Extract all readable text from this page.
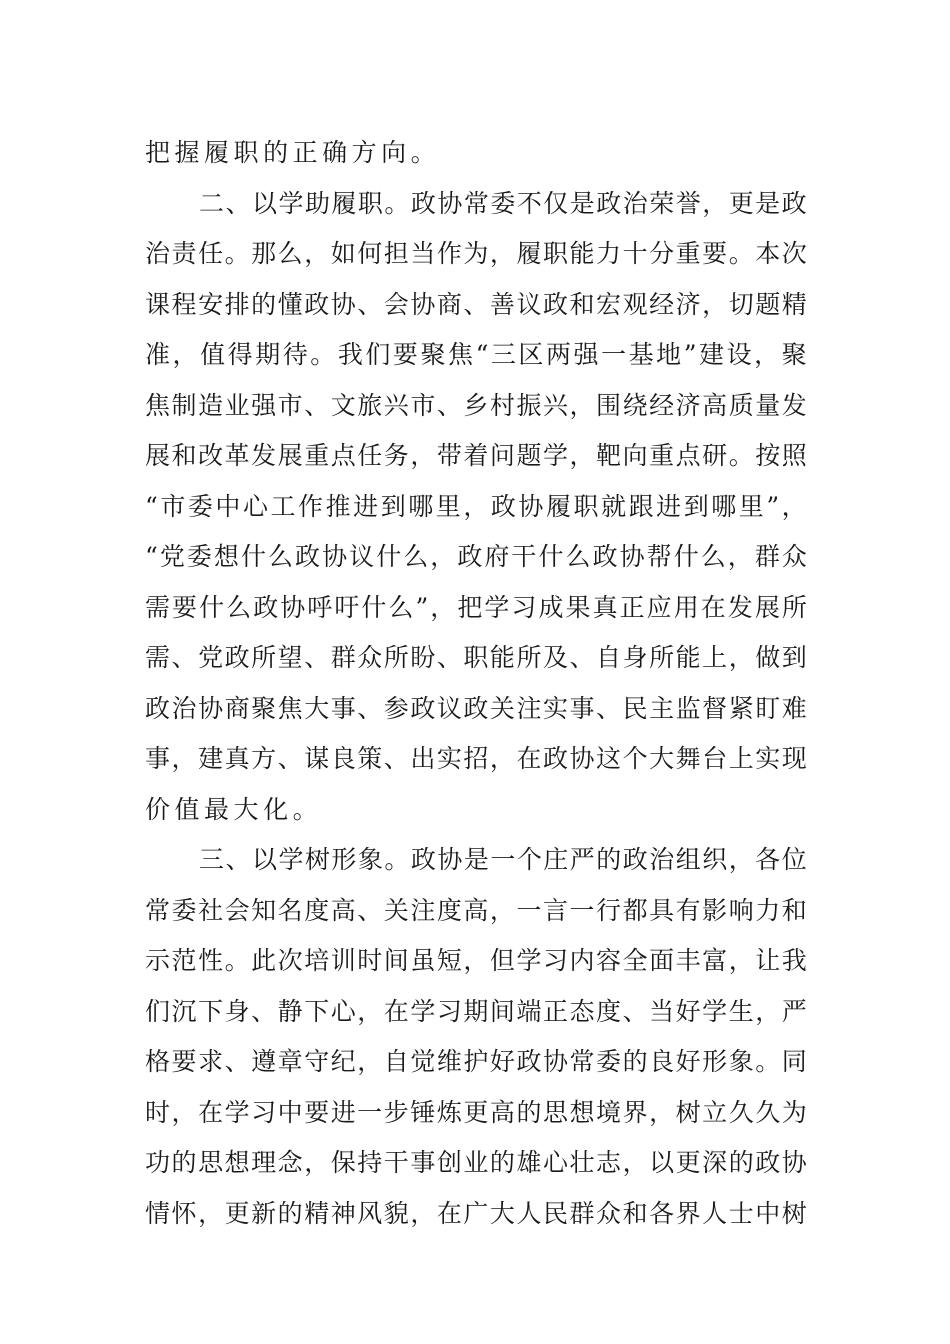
把 握 履 职 的 正 确 方 向 。
二 、 以 学 助 履 职 。 政 协 常 委 不 仅 是 政 治 荣 誉 ， 更 是 政
治 责 任 。 那 么 ， 如 何 担 当 作 为 ， 履 职 能 力 十 分 重 要 。 本 次
课 程 安 排 的 懂 政 协 、 会 协 商 、 善 议 政 和 宏 观 经 济 ， 切 题 精
准 ， 值 得 期 待 。 我 们 要 聚 焦 “ 三 区 两 强 一 基 地 ” 建 设 ， 聚
焦 制 造 业 强 市 、 文 旅 兴 市 、 乡 村 振 兴 ， 围 绕 经 济 高 质 量 发
展 和 改 革 发 展 重 点 任 务 ， 带 着 问 题 学 ， 靶 向 重 点 研 。 按 照
“ 市 委 中 心 工 作 推 进 到 哪 里 ， 政 协 履 职 就 跟 进 到 哪 里 ” ，
“ 党 委 想 什 么 政 协 议 什 么 ， 政 府 干 什 么 政 协 帮 什 么 ， 群 众
需 要 什 么 政 协 呼 吁 什 么 ” ， 把 学 习 成 果 真 正 应 用 在 发 展 所
需 、 党 政 所 望 、 群 众 所 盼 、 职 能 所 及 、 自 身 所 能 上 ， 做 到
政 治 协 商 聚 焦 大 事 、 参 政 议 政 关 注 实 事 、 民 主 监 督 紧 盯 难
事 ， 建 真 方 、 谋 良 策 、 出 实 招 ， 在 政 协 这 个 大 舞 台 上 实 现
价 值 最 大 化 。
三 、 以 学 树 形 象 。 政 协 是 一 个 庄 严 的 政 治 组 织 ， 各 位
常 委 社 会 知 名 度 高 、 关 注 度 高 ， 一 言 一 行 都 具 有 影 响 力 和
示 范 性 。 此 次 培 训 时 间 虽 短 ， 但 学 习 内 容 全 面 丰 富 ， 让 我
们 沉 下 身 、 静 下 心 ， 在 学 习 期 间 端 正 态 度 、 当 好 学 生 ， 严
格 要 求 、 遵 章 守 纪 ， 自 觉 维 护 好 政 协 常 委 的 良 好 形 象 。 同
时 ， 在 学 习 中 要 进 一 步 锤 炼 更 高 的 思 想 境 界 ， 树 立 久 久 为
功 的 思 想 理 念 ， 保 持 干 事 创 业 的 雄 心 壮 志 ， 以 更 深 的 政 协
情 怀 ， 更 新 的 精 神 风 貌 ， 在 广 大 人 民 群 众 和 各 界 人 士 中 树
